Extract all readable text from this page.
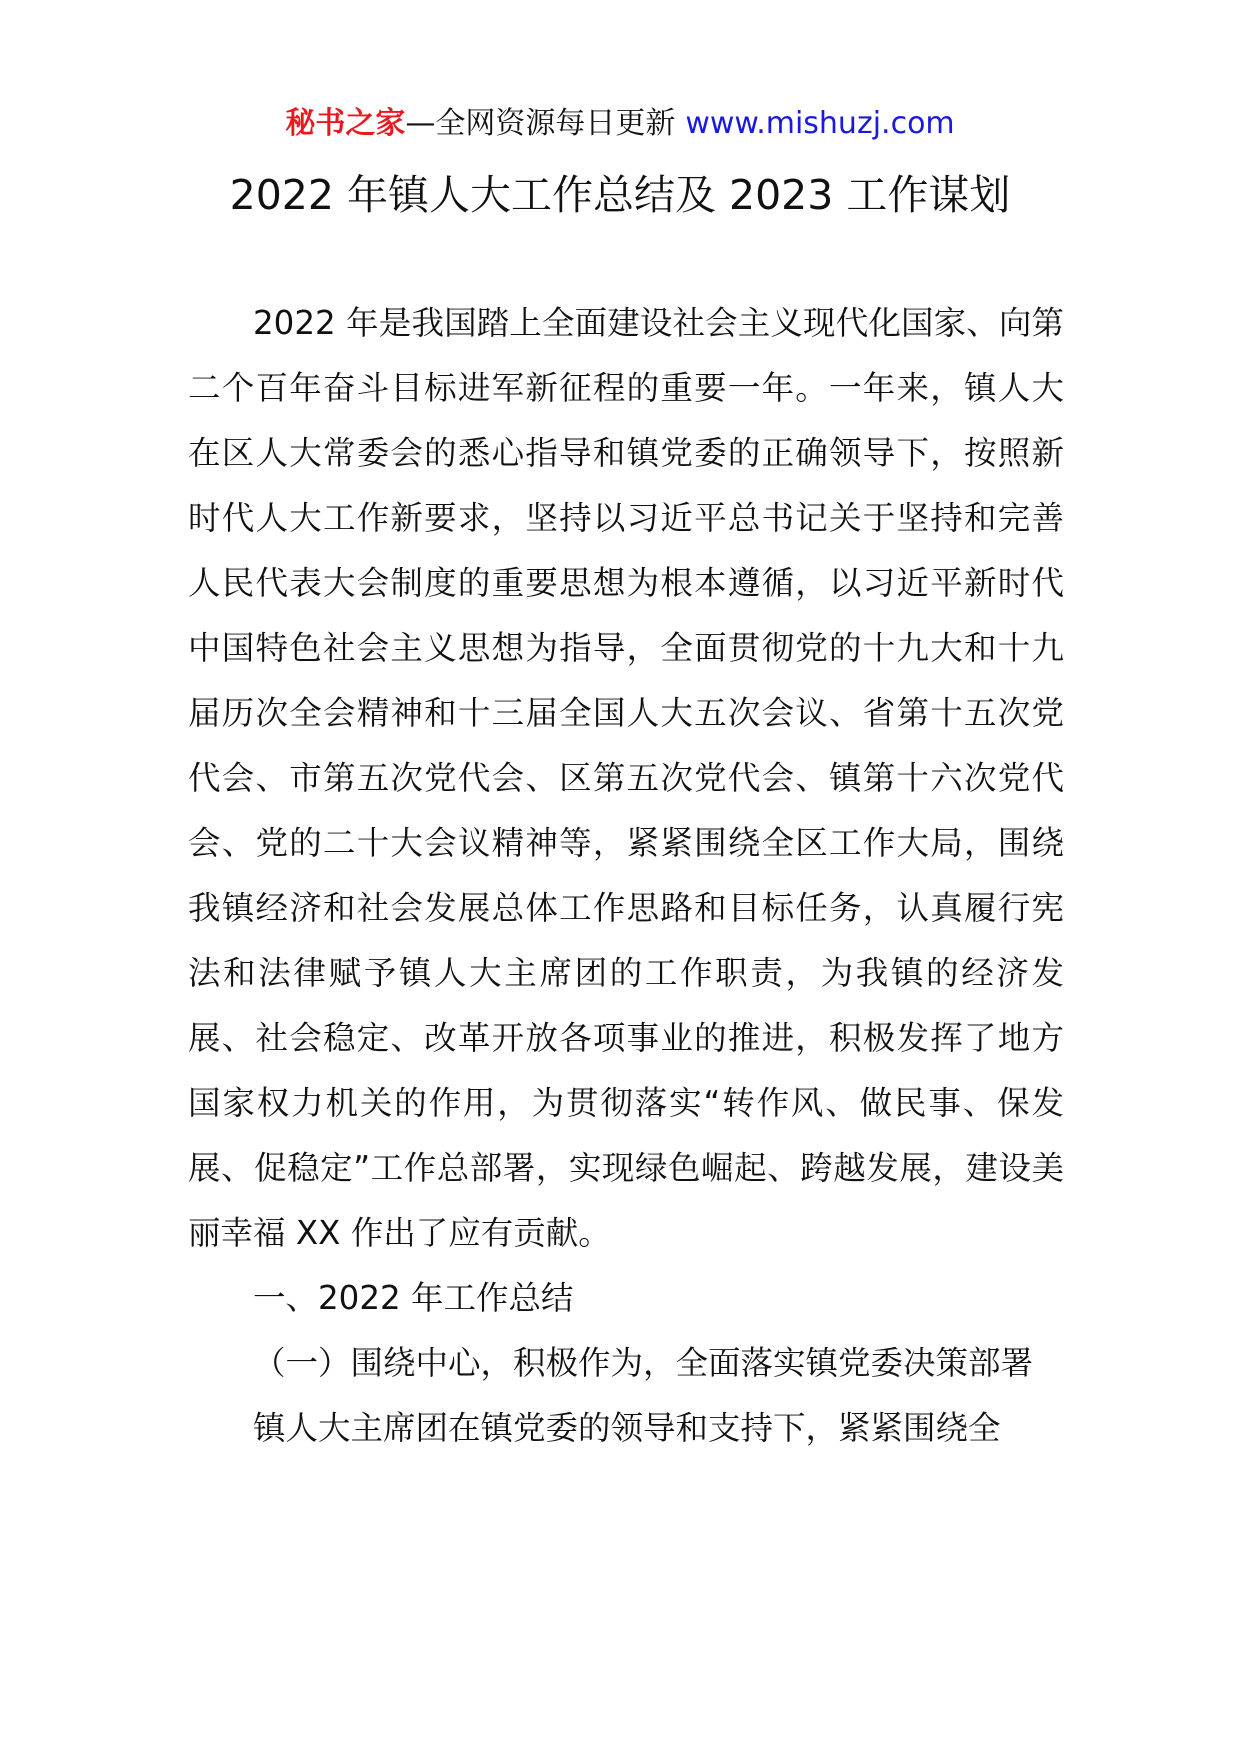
秘书之家—全网资源每日更新 www.mishuzj.com
2022 年镇人大工作总结及 2023 工作谋划

2022 年是我国踏上全面建设社会主义现代化国家、向第二个百年奋斗目标进军新征程的重要一年。一年来，镇人大在区人大常委会的悉心指导和镇党委的正确领导下，按照新时代人大工作新要求，坚持以习近平总书记关于坚持和完善人民代表大会制度的重要思想为根本遵循，以习近平新时代中国特色社会主义思想为指导，全面贯彻党的十九大和十九届历次全会精神和十三届全国人大五次会议、省第十五次党代会、市第五次党代会、区第五次党代会、镇第十六次党代会、党的二十大会议精神等，紧紧围绕全区工作大局，围绕我镇经济和社会发展总体工作思路和目标任务，认真履行宪法和法律赋予镇人大主席团的工作职责，为我镇的经济发展、社会稳定、改革开放各项事业的推进，积极发挥了地方国家权力机关的作用，为贯彻落实“转作风、做民事、保发展、促稳定”工作总部署，实现绿色崛起、跨越发展，建设美丽幸福 XX 作出了应有贡献。

一、2022 年工作总结

（一）围绕中心，积极作为，全面落实镇党委决策部署

镇人大主席团在镇党委的领导和支持下，紧紧围绕全
